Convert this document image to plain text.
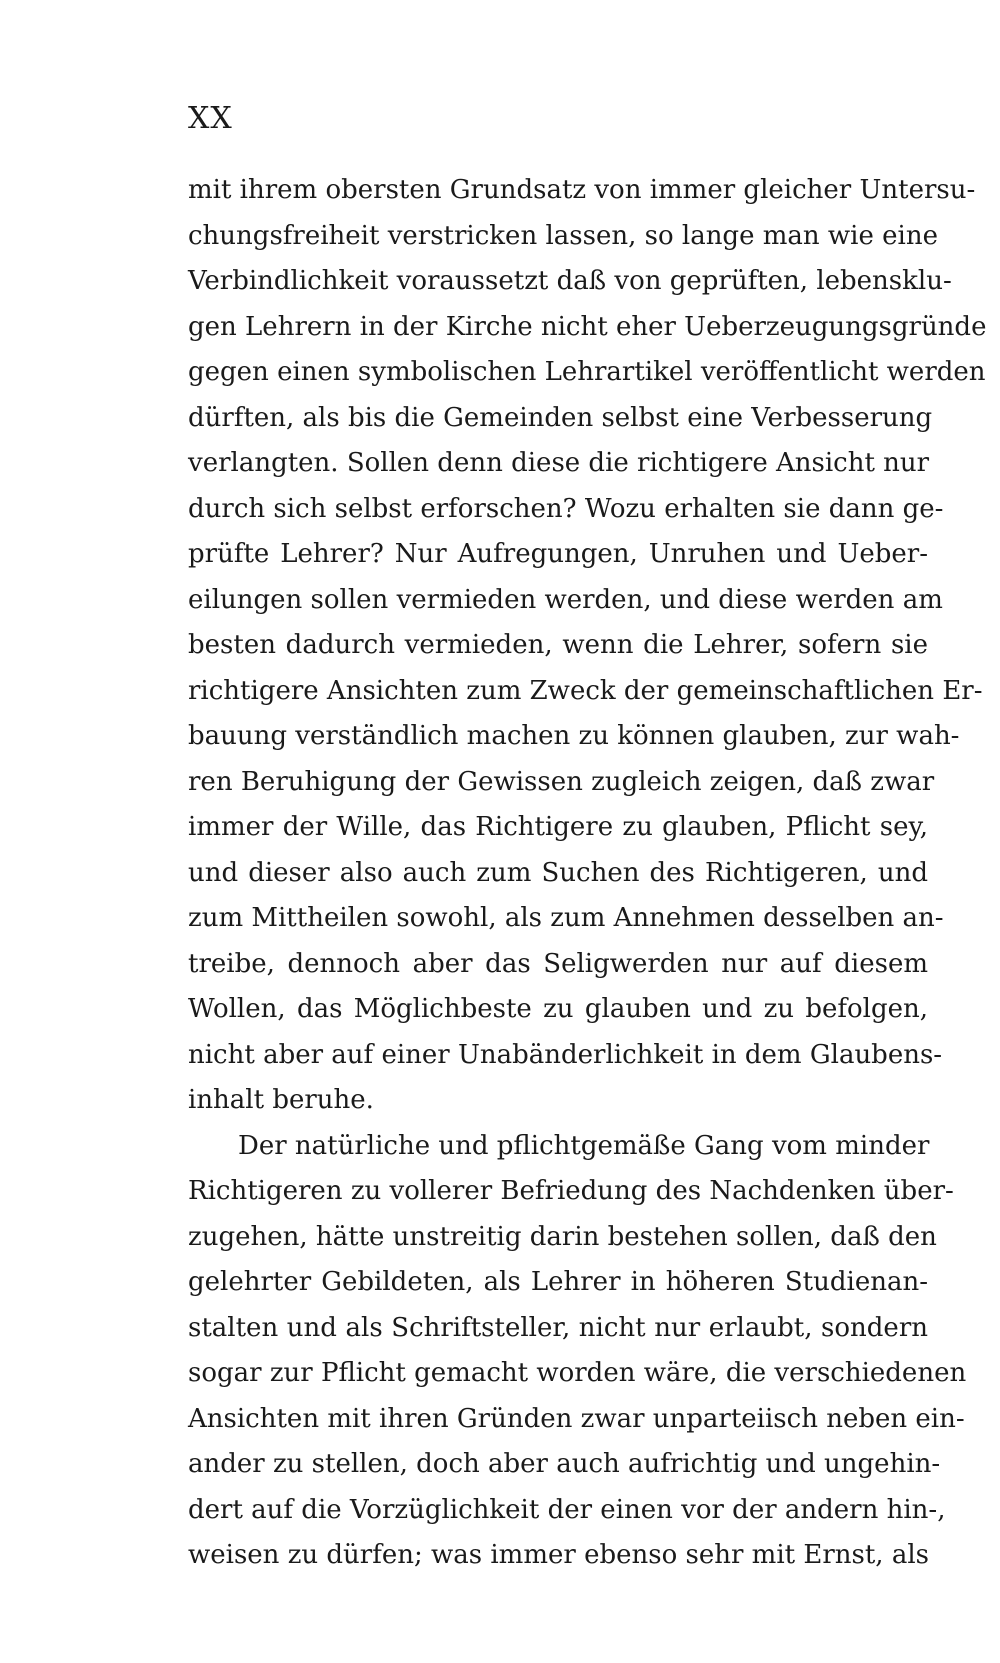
XX
mit ihrem obersten Grundsatz von immer gleicher Untersu-
chungsfreiheit verstricken lassen, so lange man wie eine
Verbindlichkeit voraussetzt daß von geprüften, lebensklu-
gen Lehrern in der Kirche nicht eher Ueberzeugungsgründe
gegen einen symbolischen Lehrartikel veröffentlicht werden
dürften, als bis die Gemeinden selbst eine Verbesserung
verlangten. Sollen denn diese die richtigere Ansicht nur
durch sich selbst erforschen? Wozu erhalten sie dann ge-
prüfte Lehrer? Nur Aufregungen, Unruhen und Ueber-
eilungen sollen vermieden werden, und diese werden am
besten dadurch vermieden, wenn die Lehrer, sofern sie
richtigere Ansichten zum Zweck der gemeinschaftlichen Er-
bauung verständlich machen zu können glauben, zur wah-
ren Beruhigung der Gewissen zugleich zeigen, daß zwar
immer der Wille, das Richtigere zu glauben, Pflicht sey,
und dieser also auch zum Suchen des Richtigeren, und
zum Mittheilen sowohl, als zum Annehmen desselben an-
treibe, dennoch aber das Seligwerden nur auf diesem
Wollen, das Möglichbeste zu glauben und zu befolgen,
nicht aber auf einer Unabänderlichkeit in dem Glaubens-
inhalt beruhe.
Der natürliche und pflichtgemäße Gang vom minder
Richtigeren zu vollerer Befriedung des Nachdenken über-
zugehen, hätte unstreitig darin bestehen sollen, daß den
gelehrter Gebildeten, als Lehrer in höheren Studienan-
stalten und als Schriftsteller, nicht nur erlaubt, sondern
sogar zur Pflicht gemacht worden wäre, die verschiedenen
Ansichten mit ihren Gründen zwar unparteiisch neben ein-
ander zu stellen, doch aber auch aufrichtig und ungehin-
dert auf die Vorzüglichkeit der einen vor der andern hin-,
weisen zu dürfen; was immer ebenso sehr mit Ernst, als
